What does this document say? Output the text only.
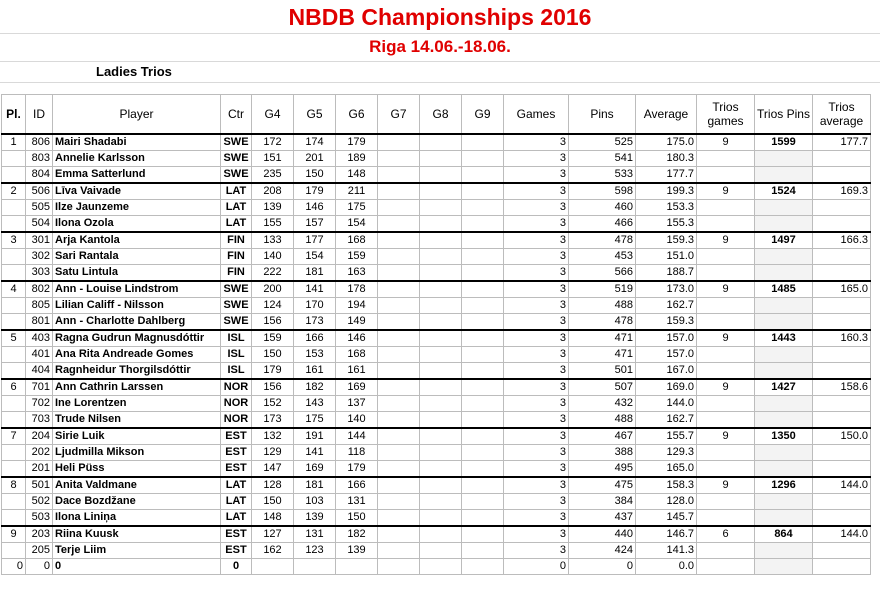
NBDB Championships 2016
Riga 14.06.-18.06.
Ladies Trios
Pl.	ID	Player	Ctr	G4	G5	G6	G7	G8	G9	Games	Pins	Average	Trios games	Trios Pins	Trios average
1	806	Mairi Shadabi	SWE	172	174	179				3	525	175.0	9	1599	177.7
	803	Annelie Karlsson	SWE	151	201	189				3	541	180.3			
	804	Emma Satterlund	SWE	235	150	148				3	533	177.7			
2	506	Līva Vaivade	LAT	208	179	211				3	598	199.3	9	1524	169.3
	505	Ilze Jaunzeme	LAT	139	146	175				3	460	153.3			
	504	Ilona Ozola	LAT	155	157	154				3	466	155.3			
3	301	Arja Kantola	FIN	133	177	168				3	478	159.3	9	1497	166.3
	302	Sari Rantala	FIN	140	154	159				3	453	151.0			
	303	Satu Lintula	FIN	222	181	163				3	566	188.7			
4	802	Ann - Louise Lindstrom	SWE	200	141	178				3	519	173.0	9	1485	165.0
	805	Lilian Califf - Nilsson	SWE	124	170	194				3	488	162.7			
	801	Ann - Charlotte Dahlberg	SWE	156	173	149				3	478	159.3			
5	403	Ragna Gudrun Magnusdóttir	ISL	159	166	146				3	471	157.0	9	1443	160.3
	401	Ana Rita Andreade Gomes	ISL	150	153	168				3	471	157.0			
	404	Ragnheidur Thorgilsdóttir	ISL	179	161	161				3	501	167.0			
6	701	Ann Cathrin Larssen	NOR	156	182	169				3	507	169.0	9	1427	158.6
	702	Ine Lorentzen	NOR	152	143	137				3	432	144.0			
	703	Trude Nilsen	NOR	173	175	140				3	488	162.7			
7	204	Sirie Luik	EST	132	191	144				3	467	155.7	9	1350	150.0
	202	Ljudmilla Mikson	EST	129	141	118				3	388	129.3			
	201	Heli Püss	EST	147	169	179				3	495	165.0			
8	501	Anita Valdmane	LAT	128	181	166				3	475	158.3	9	1296	144.0
	502	Dace Bozdžane	LAT	150	103	131				3	384	128.0			
	503	Ilona Liniņa	LAT	148	139	150				3	437	145.7			
9	203	Riina Kuusk	EST	127	131	182				3	440	146.7	6	864	144.0
	205	Terje Liim	EST	162	123	139				3	424	141.3			
0	0	0	0							0	0	0.0			
